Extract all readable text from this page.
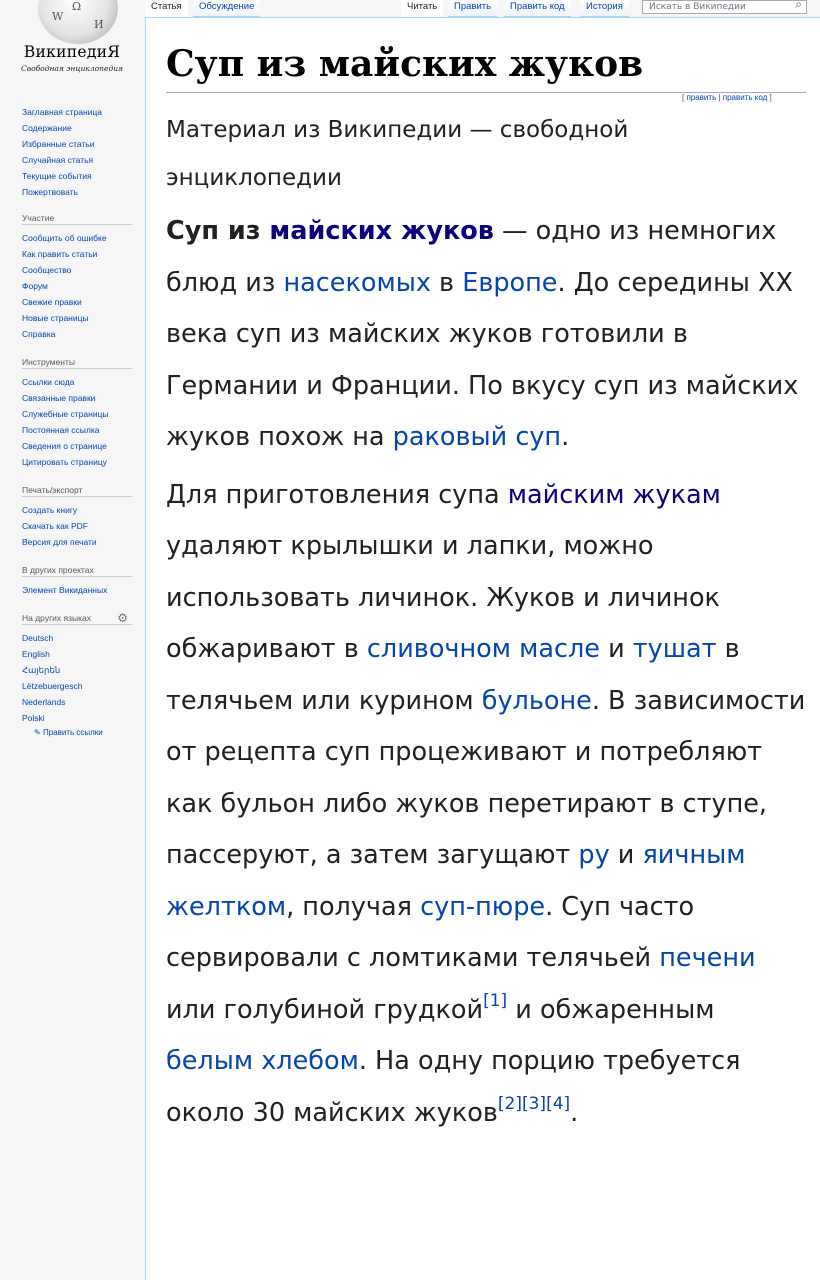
W
Ω
И
ВикипедиЯ
Свободная энциклопедия
Заглавная страница
Содержание
Избранные статьи
Случайная статья
Текущие события
Пожертвовать
Участие
Сообщить об ошибке
Как править статьи
Сообщество
Форум
Свежие правки
Новые страницы
Справка
Инструменты
Ссылки сюда
Связанные правки
Служебные страницы
Постоянная ссылка
Сведения о странице
Цитировать страницу
Печать/экспорт
Создать книгу
Скачать как PDF
Версия для печати
В других проектах
Элемент Викиданных
На других языках ⚙
Deutsch
English
Հայերեն
Lëtzebuergesch
Nederlands
Polski
✎ Править ссылки
Статья	Обсуждение	Читать	Править	Править код	История	Искать в Википедии	⌕
Суп из майских жуков
[ править | править код ]
Материал из Википедии — свободной энциклопедии

Суп из майских жуков — одно из немногих блюд из насекомых в Европе. До середины XX века суп из майских жуков готовили в Германии и Франции. По вкусу суп из майских жуков похож на раковый суп.

Для приготовления супа майским жукам удаляют крылышки и лапки, можно использовать личинок. Жуков и личинок обжаривают в сливочном масле и тушат в телячьем или курином бульоне. В зависимости от рецепта суп процеживают и потребляют как бульон либо жуков перетирают в ступе, пассеруют, а затем загущают ру и яичным желтком, получая суп-пюре. Суп часто сервировали с ломтиками телячьей печени или голубиной грудкой[1] и обжаренным белым хлебом. На одну порцию требуется около 30 майских жуков[2][3][4].
